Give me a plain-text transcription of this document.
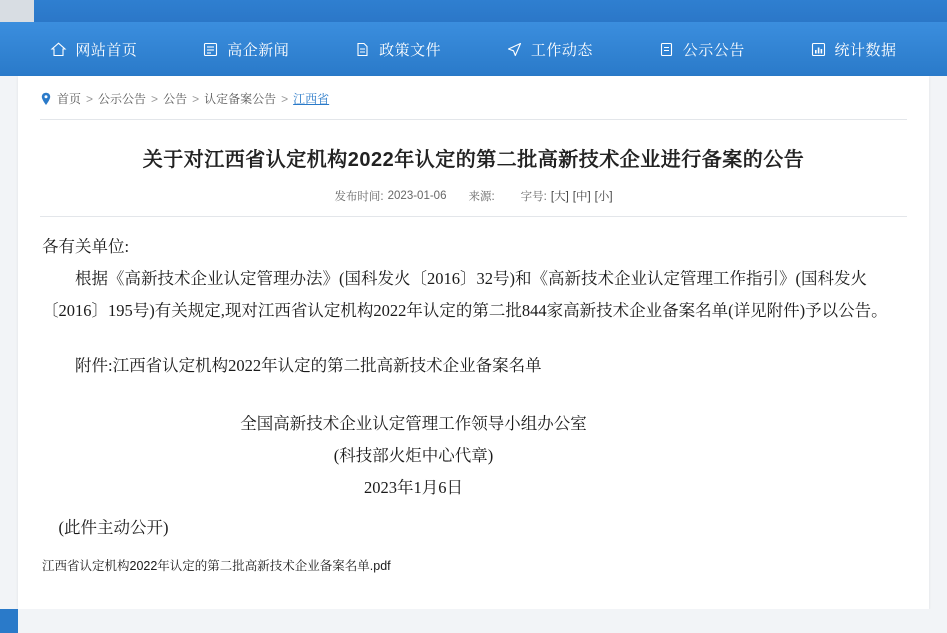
网站首页	高企新闻	政策文件	工作动态	公示公告	统计数据
首页 > 公示公告 > 公告 > 认定备案公告 > 江西省
关于对江西省认定机构2022年认定的第二批高新技术企业进行备案的公告
发布时间: 2023-01-06 来源: 字号: [大] [中] [小]

各有关单位:

根据《高新技术企业认定管理办法》(国科发火〔2016〕32号)和《高新技术企业认定管理工作指引》(国科发火〔2016〕195号)有关规定,现对江西省认定机构2022年认定的第二批844家高新技术企业备案名单(详见附件)予以公告。

附件:江西省认定机构2022年认定的第二批高新技术企业备案名单

全国高新技术企业认定管理工作领导小组办公室
(科技部火炬中心代章)
2023年1月6日
(此件主动公开)
江西省认定机构2022年认定的第二批高新技术企业备案名单.pdf
